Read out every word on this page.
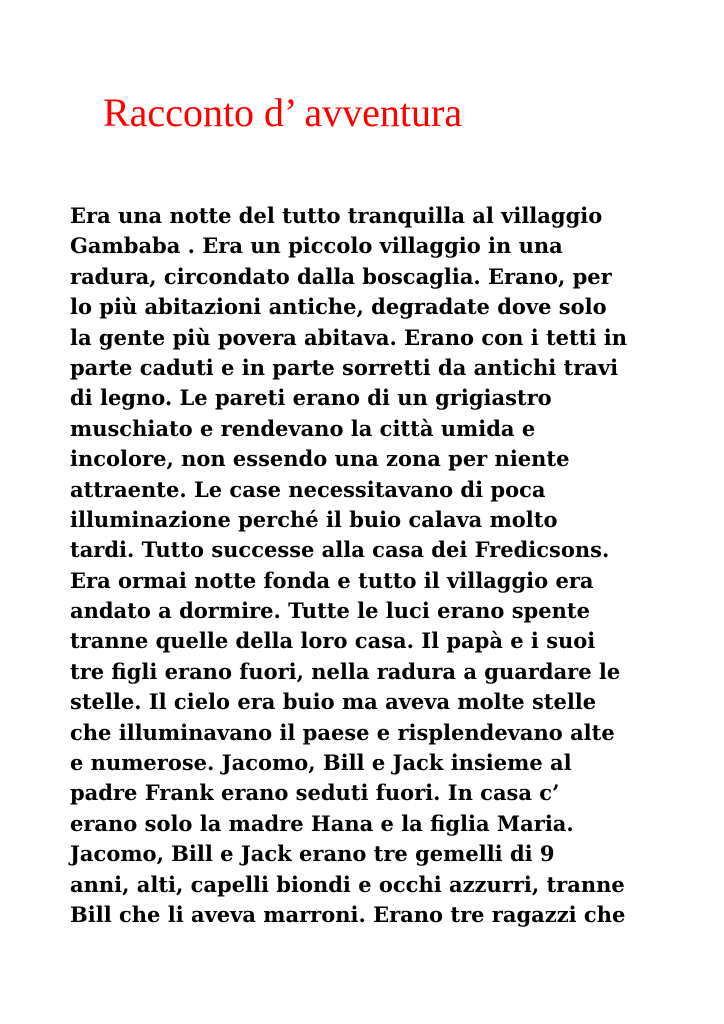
Racconto d’ avventura
Era una notte del tutto tranquilla al villaggio
Gambaba . Era un piccolo villaggio in una
radura, circondato dalla boscaglia. Erano, per
lo più abitazioni antiche, degradate dove solo
la gente più povera abitava. Erano con i tetti in
parte caduti e in parte sorretti da antichi travi
di legno. Le pareti erano di un grigiastro
muschiato e rendevano la città umida e
incolore, non essendo una zona per niente
attraente. Le case necessitavano di poca
illuminazione perché il buio calava molto
tardi. Tutto successe alla casa dei Fredicsons.
Era ormai notte fonda e tutto il villaggio era
andato a dormire. Tutte le luci erano spente
tranne quelle della loro casa. Il papà e i suoi
tre figli erano fuori, nella radura a guardare le
stelle. Il cielo era buio ma aveva molte stelle
che illuminavano il paese e risplendevano alte
e numerose. Jacomo, Bill e Jack insieme al
padre Frank erano seduti fuori. In casa c’
erano solo la madre Hana e la figlia Maria.
Jacomo, Bill e Jack erano tre gemelli di 9
anni, alti, capelli biondi e occhi azzurri, tranne
Bill che li aveva marroni. Erano tre ragazzi che
